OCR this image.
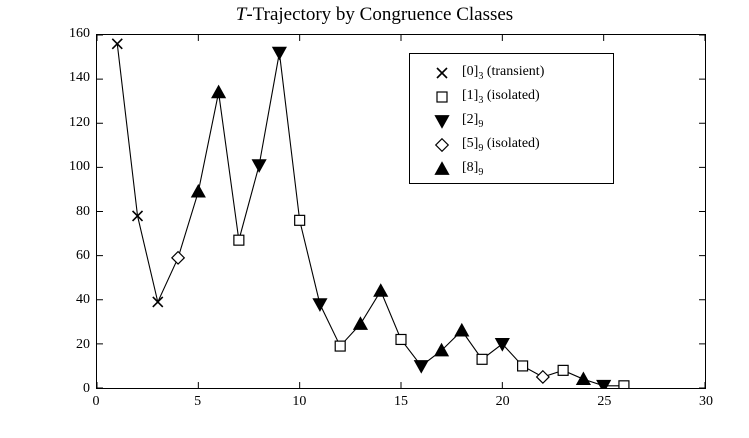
T-Trajectory by Congruence Classes
0
20
40
60
80
100
120
140
160
0	5	10	15	20	25	30
$[0]_3$ (transient)
$[1]_3$ (isolated)
$[2]_9$
$[5]_9$ (isolated)
$[8]_9$
